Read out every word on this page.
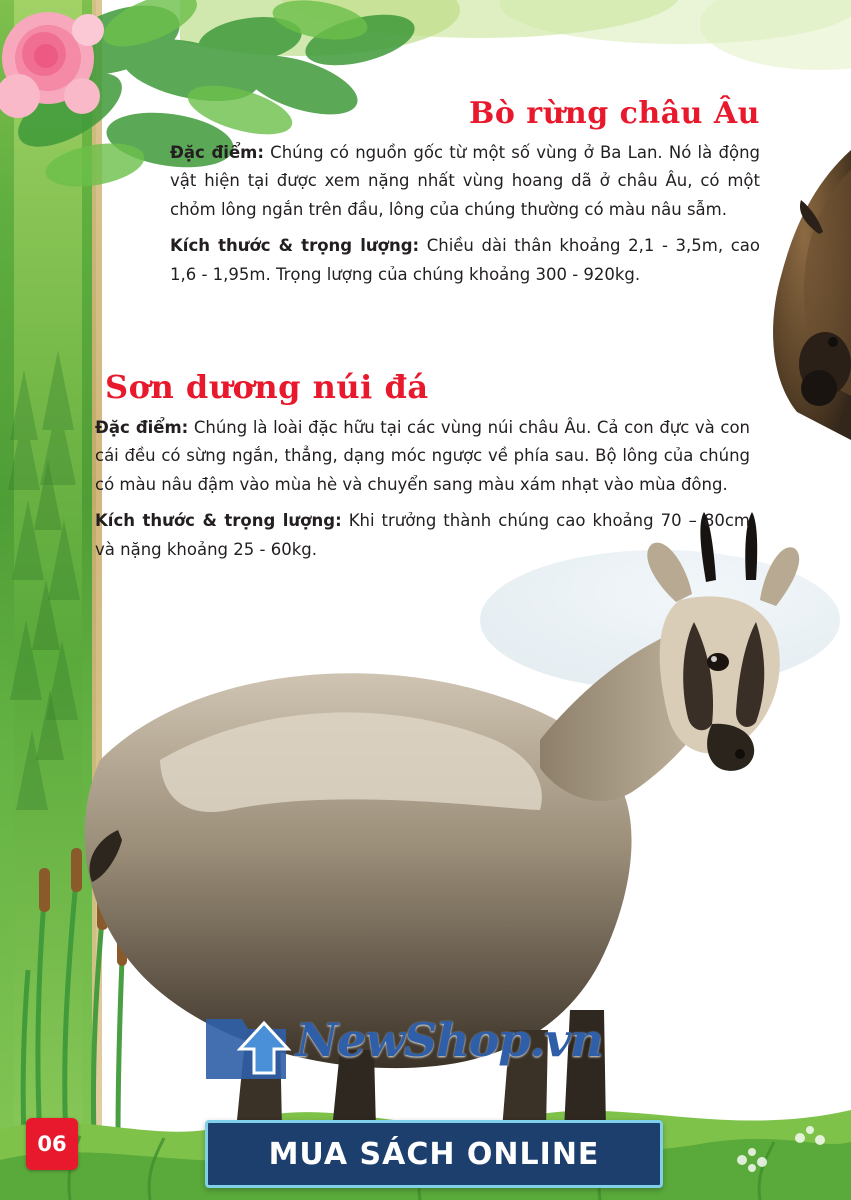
Bò rừng châu Âu

Đặc điểm: Chúng có nguồn gốc từ một số vùng ở Ba Lan. Nó là động vật hiện tại được xem nặng nhất vùng hoang dã ở châu Âu, có một chỏm lông ngắn trên đầu, lông của chúng thường có màu nâu sẫm.

Kích thước & trọng lượng: Chiều dài thân khoảng 2,1 - 3,5m, cao 1,6 - 1,95m. Trọng lượng của chúng khoảng 300 - 920kg.

Sơn dương núi đá

Đặc điểm: Chúng là loài đặc hữu tại các vùng núi châu Âu. Cả con đực và con cái đều có sừng ngắn, thẳng, dạng móc ngược về phía sau. Bộ lông của chúng có màu nâu đậm vào mùa hè và chuyển sang màu xám nhạt vào mùa đông.

Kích thước & trọng lượng: Khi trưởng thành chúng cao khoảng 70 – 80cm và nặng khoảng 25 - 60kg.

NewShop.vn
MUA SÁCH ONLINE
06
